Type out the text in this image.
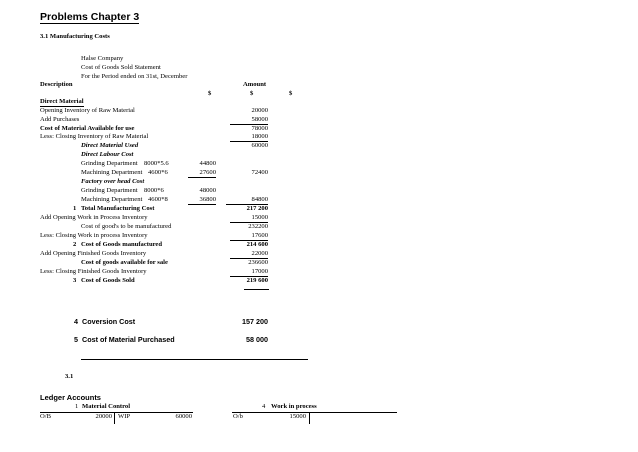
Problems Chapter 3
3.1 Manufacturing Costs
Halse Company
Cost of Goods Sold Statement
For the Period ended on 31st, December
Description	Amount
$	$	$
Direct Material
Opening Inventory of Raw Material	20000
Add Purchases	58000
Cost of Material Available for use	78000
Less: Closing Inventory of Raw Material	18000
Direct Material Used	60000
Direct Labour Cost
Grinding Department 8000*5.6	44800
Machining Department 4600*6	27600	72400
Factory over head Cost
Grinding Department 8000*6	48000
Machining Department 4600*8	36800	84800
1 Total Manufacturing Cost	217 200
Add Opening Work in Process Inventory	15000
Cost of good's to be manufactured	232200
Less: Closing Work in process Inventory	17600
2 Cost of Goods manufactured	214 600
Add Opening Finished Goods Inventory	22000
Cost of goods available for sale	236600
Less: Closing Finished Goods Inventory	17000
3 Cost of Goods Sold	219 600
4 Coversion Cost	157 200
5 Cost of Material Purchased	58 000
3.1
Ledger Accounts
1 Material Control
O/B	20000 WIP	60000
4 Work in process
O/b	15000
